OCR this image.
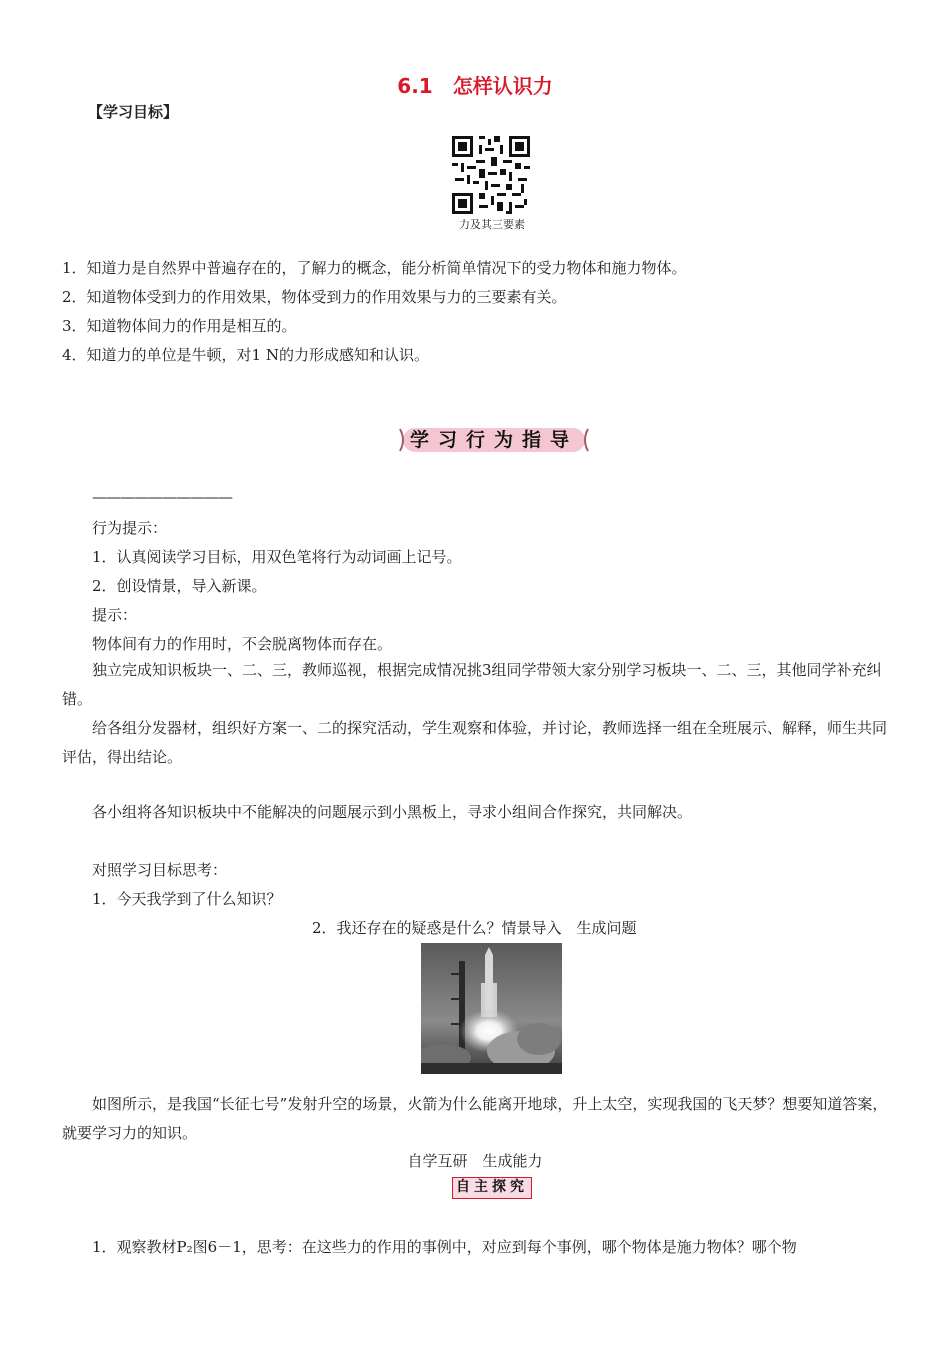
6.1　怎样认识力
【学习目标】
力及其三要素
1．知道力是自然界中普遍存在的，了解力的概念，能分析简单情况下的受力物体和施力物体。
2．知道物体受到力的作用效果，物体受到力的作用效果与力的三要素有关。
3．知道物体间力的作用是相互的。
4．知道力的单位是牛顿，对1 N的力形成感知和认识。
学习行为指导
——————————
行为提示：
1．认真阅读学习目标，用双色笔将行为动词画上记号。
2．创设情景，导入新课。
提示：
物体间有力的作用时，不会脱离物体而存在。
独立完成知识板块一、二、三，教师巡视，根据完成情况挑3组同学带领大家分别学习板块一、二、三，其他同学补充纠错。
给各组分发器材，组织好方案一、二的探究活动，学生观察和体验，并讨论，教师选择一组在全班展示、解释，师生共同评估，得出结论。
各小组将各知识板块中不能解决的问题展示到小黑板上，寻求小组间合作探究，共同解决。
对照学习目标思考：
1．今天我学到了什么知识？
2．我还存在的疑惑是什么？情景导入　生成问题
如图所示，是我国“长征七号”发射升空的场景，火箭为什么能离开地球，升上太空，实现我国的飞天梦？想要知道答案，就要学习力的知识。
自学互研　生成能力
自主探究
1．观察教材P₂图6－1，思考：在这些力的作用的事例中，对应到每个事例，哪个物体是施力物体？哪个物
